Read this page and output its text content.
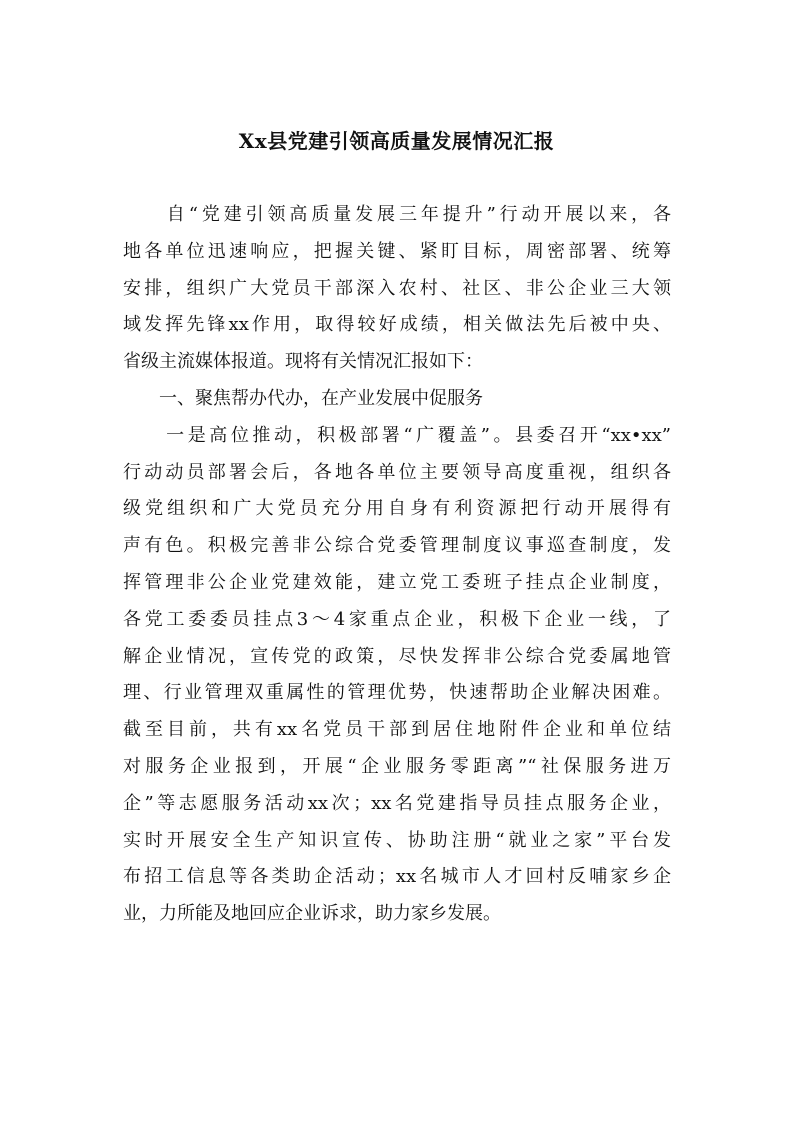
Xx县党建引领高质量发展情况汇报
　　自“党建引领高质量发展三年提升”行动开展以来，各
地各单位迅速响应，把握关键、紧盯目标，周密部署、统筹
安排，组织广大党员干部深入农村、社区、非公企业三大领
域发挥先锋xx作用，取得较好成绩，相关做法先后被中央、
省级主流媒体报道。现将有关情况汇报如下：
　　一、聚焦帮办代办，在产业发展中促服务
　　一是高位推动，积极部署“广覆盖”。县委召开“xx•xx”
行动动员部署会后，各地各单位主要领导高度重视，组织各
级党组织和广大党员充分用自身有利资源把行动开展得有
声有色。积极完善非公综合党委管理制度议事巡查制度，发
挥管理非公企业党建效能，建立党工委班子挂点企业制度，
各党工委委员挂点3～4家重点企业，积极下企业一线，了
解企业情况，宣传党的政策，尽快发挥非公综合党委属地管
理、行业管理双重属性的管理优势，快速帮助企业解决困难。
截至目前，共有xx名党员干部到居住地附件企业和单位结
对服务企业报到，开展“企业服务零距离”“社保服务进万
企”等志愿服务活动xx次；xx名党建指导员挂点服务企业，
实时开展安全生产知识宣传、协助注册“就业之家”平台发
布招工信息等各类助企活动；xx名城市人才回村反哺家乡企
业，力所能及地回应企业诉求，助力家乡发展。
